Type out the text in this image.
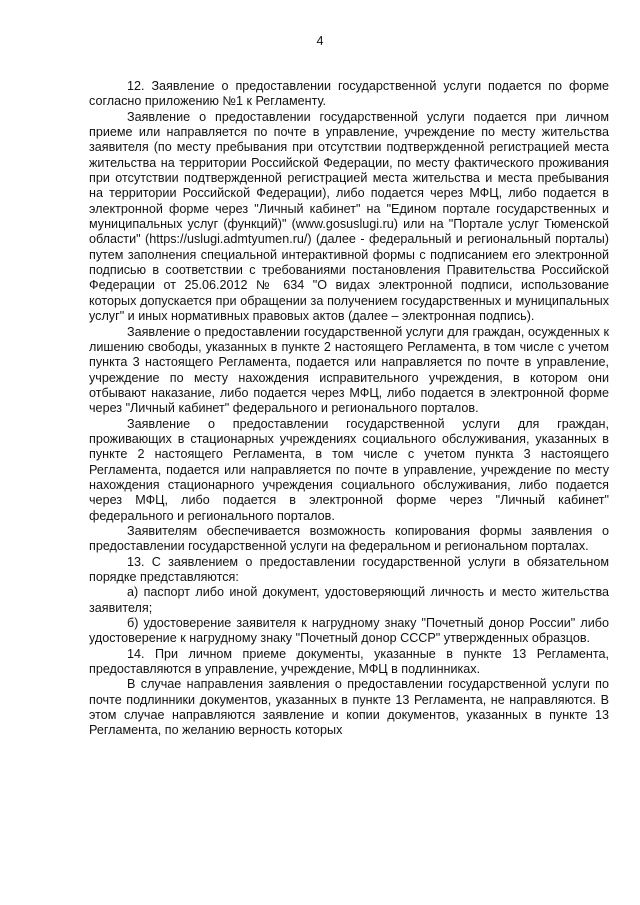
4

12. Заявление о предоставлении государственной услуги подается по форме согласно приложению №1 к Регламенту.

Заявление о предоставлении государственной услуги подается при личном приеме или направляется по почте в управление, учреждение по месту жительства заявителя (по месту пребывания при отсутствии подтвержденной регистрацией места жительства на территории Российской Федерации, по месту фактического проживания при отсутствии подтвержденной регистрацией места жительства и места пребывания на территории Российской Федерации), либо подается через МФЦ, либо подается в электронной форме через "Личный кабинет" на "Едином портале государственных и муниципальных услуг (функций)" (www.gosuslugi.ru) или на "Портале услуг Тюменской области" (https://uslugi.admtyumen.ru/) (далее - федеральный и региональный порталы) путем заполнения специальной интерактивной формы с подписанием его электронной подписью в соответствии с требованиями постановления Правительства Российской Федерации от 25.06.2012 № 634 "О видах электронной подписи, использование которых допускается при обращении за получением государственных и муниципальных услуг" и иных нормативных правовых актов (далее – электронная подпись).

Заявление о предоставлении государственной услуги для граждан, осужденных к лишению свободы, указанных в пункте 2 настоящего Регламента, в том числе с учетом пункта 3 настоящего Регламента, подается или направляется по почте в управление, учреждение по месту нахождения исправительного учреждения, в котором они отбывают наказание, либо подается через МФЦ, либо подается в электронной форме через "Личный кабинет" федерального и регионального порталов.

Заявление о предоставлении государственной услуги для граждан, проживающих в стационарных учреждениях социального обслуживания, указанных в пункте 2 настоящего Регламента, в том числе с учетом пункта 3 настоящего Регламента, подается или направляется по почте в управление, учреждение по месту нахождения стационарного учреждения социального обслуживания, либо подается через МФЦ, либо подается в электронной форме через "Личный кабинет" федерального и регионального порталов.

Заявителям обеспечивается возможность копирования формы заявления о предоставлении государственной услуги на федеральном и региональном порталах.

13. С заявлением о предоставлении государственной услуги в обязательном порядке представляются:

а) паспорт либо иной документ, удостоверяющий личность и место жительства заявителя;

б) удостоверение заявителя к нагрудному знаку "Почетный донор России" либо удостоверение к нагрудному знаку "Почетный донор СССР" утвержденных образцов.

14. При личном приеме документы, указанные в пункте 13 Регламента, предоставляются в управление, учреждение, МФЦ в подлинниках.

В случае направления заявления о предоставлении государственной услуги по почте подлинники документов, указанных в пункте 13 Регламента, не направляются. В этом случае направляются заявление и копии документов, указанных в пункте 13 Регламента, по желанию верность которых
